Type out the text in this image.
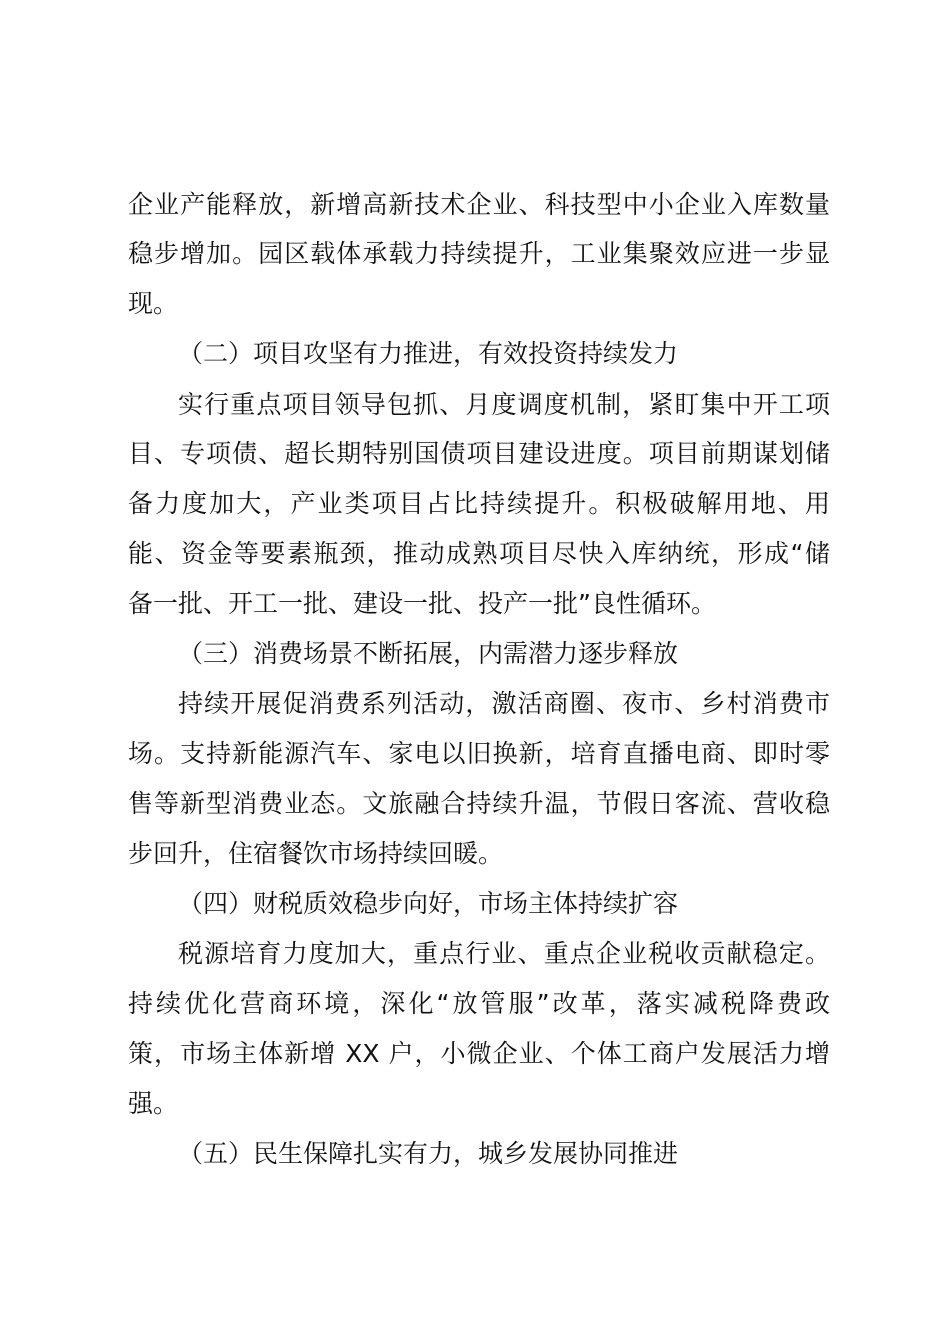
企业产能释放，新增高新技术企业、科技型中小企业入库数量
稳步增加。园区载体承载力持续提升，工业集聚效应进一步显
现。
（二）项目攻坚有力推进，有效投资持续发力
实行重点项目领导包抓、月度调度机制，紧盯集中开工项
目、专项债、超长期特别国债项目建设进度。项目前期谋划储
备力度加大，产业类项目占比持续提升。积极破解用地、用
能、资金等要素瓶颈，推动成熟项目尽快入库纳统，形成“储
备一批、开工一批、建设一批、投产一批”良性循环。
（三）消费场景不断拓展，内需潜力逐步释放
持续开展促消费系列活动，激活商圈、夜市、乡村消费市
场。支持新能源汽车、家电以旧换新，培育直播电商、即时零
售等新型消费业态。文旅融合持续升温，节假日客流、营收稳
步回升，住宿餐饮市场持续回暖。
（四）财税质效稳步向好，市场主体持续扩容
税源培育力度加大，重点行业、重点企业税收贡献稳定。
持续优化营商环境，深化“放管服”改革，落实减税降费政
策，市场主体新增 XX 户，小微企业、个体工商户发展活力增
强。
（五）民生保障扎实有力，城乡发展协同推进
